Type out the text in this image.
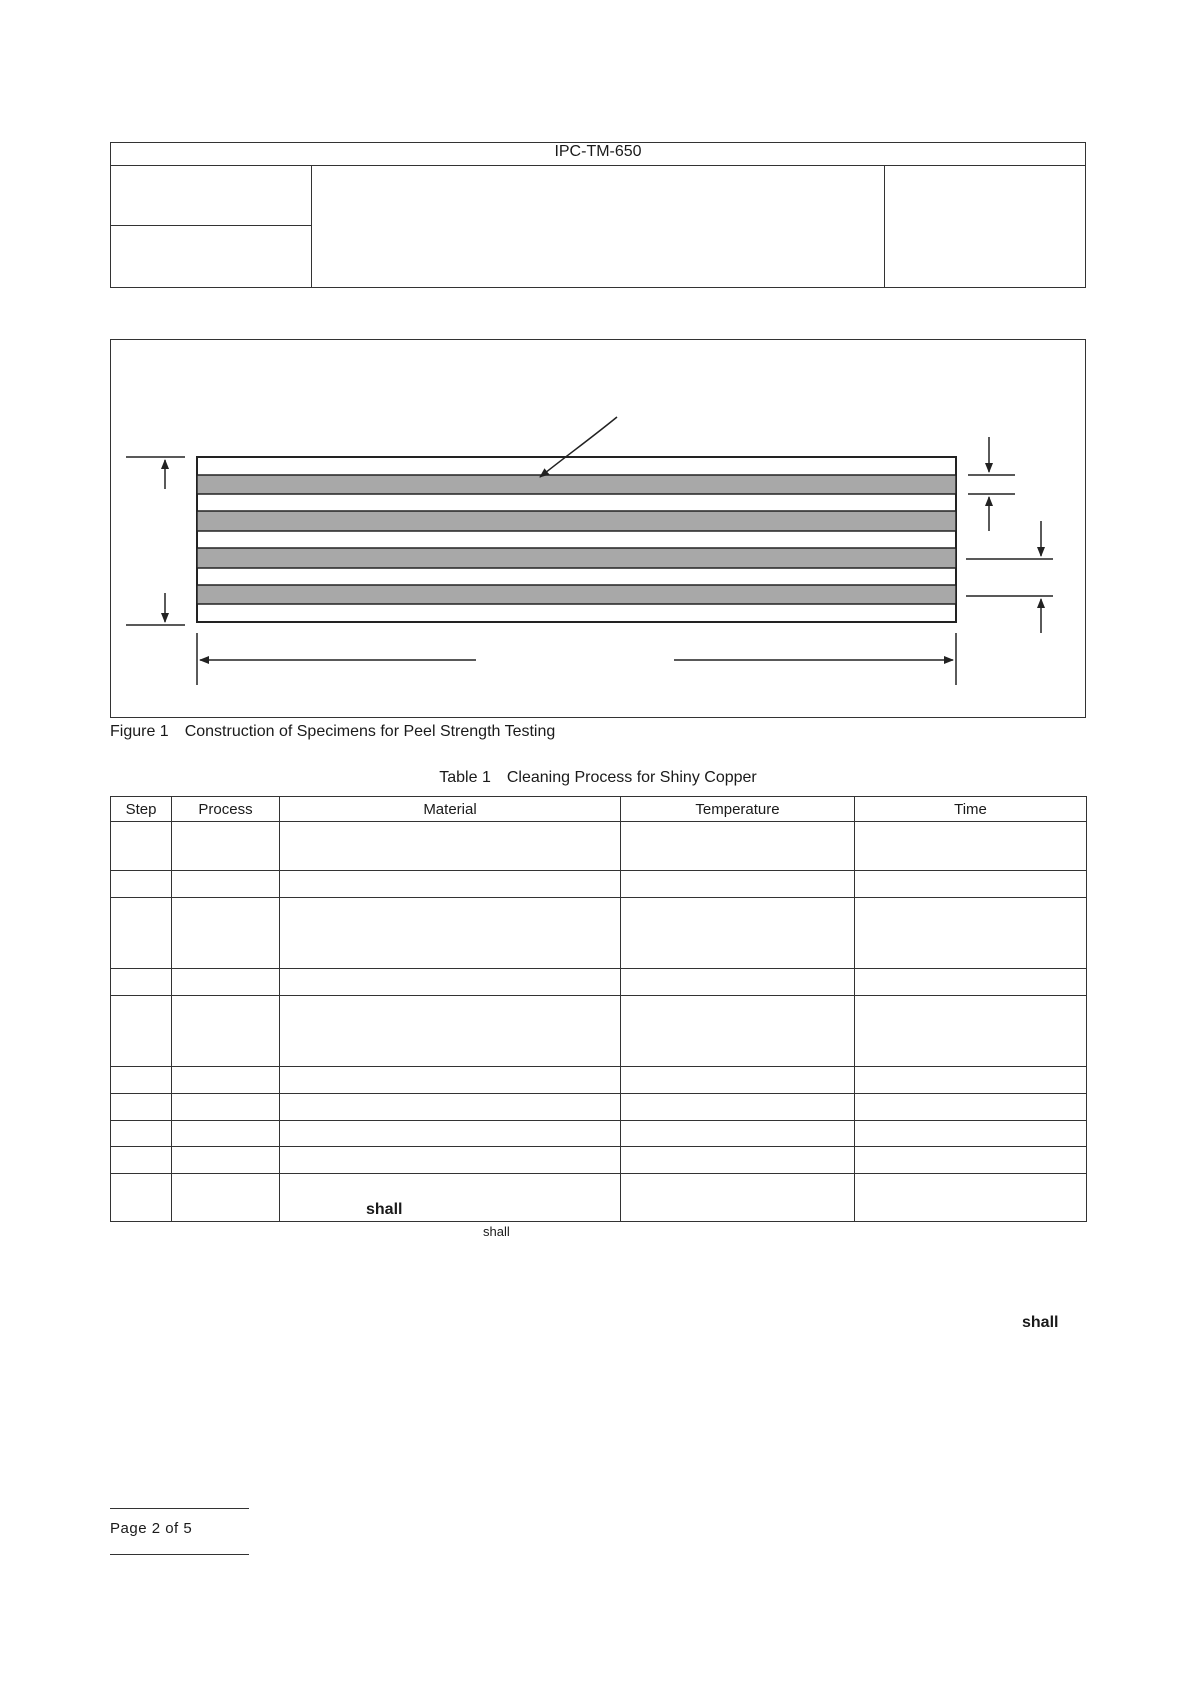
IPC-TM-650
Figure 1 Construction of Specimens for Peel Strength Testing
Table 1 Cleaning Process for Shiny Copper
Step	Process	Material	Temperature	Time

		shall		
shall
shall
Page 2 of 5
